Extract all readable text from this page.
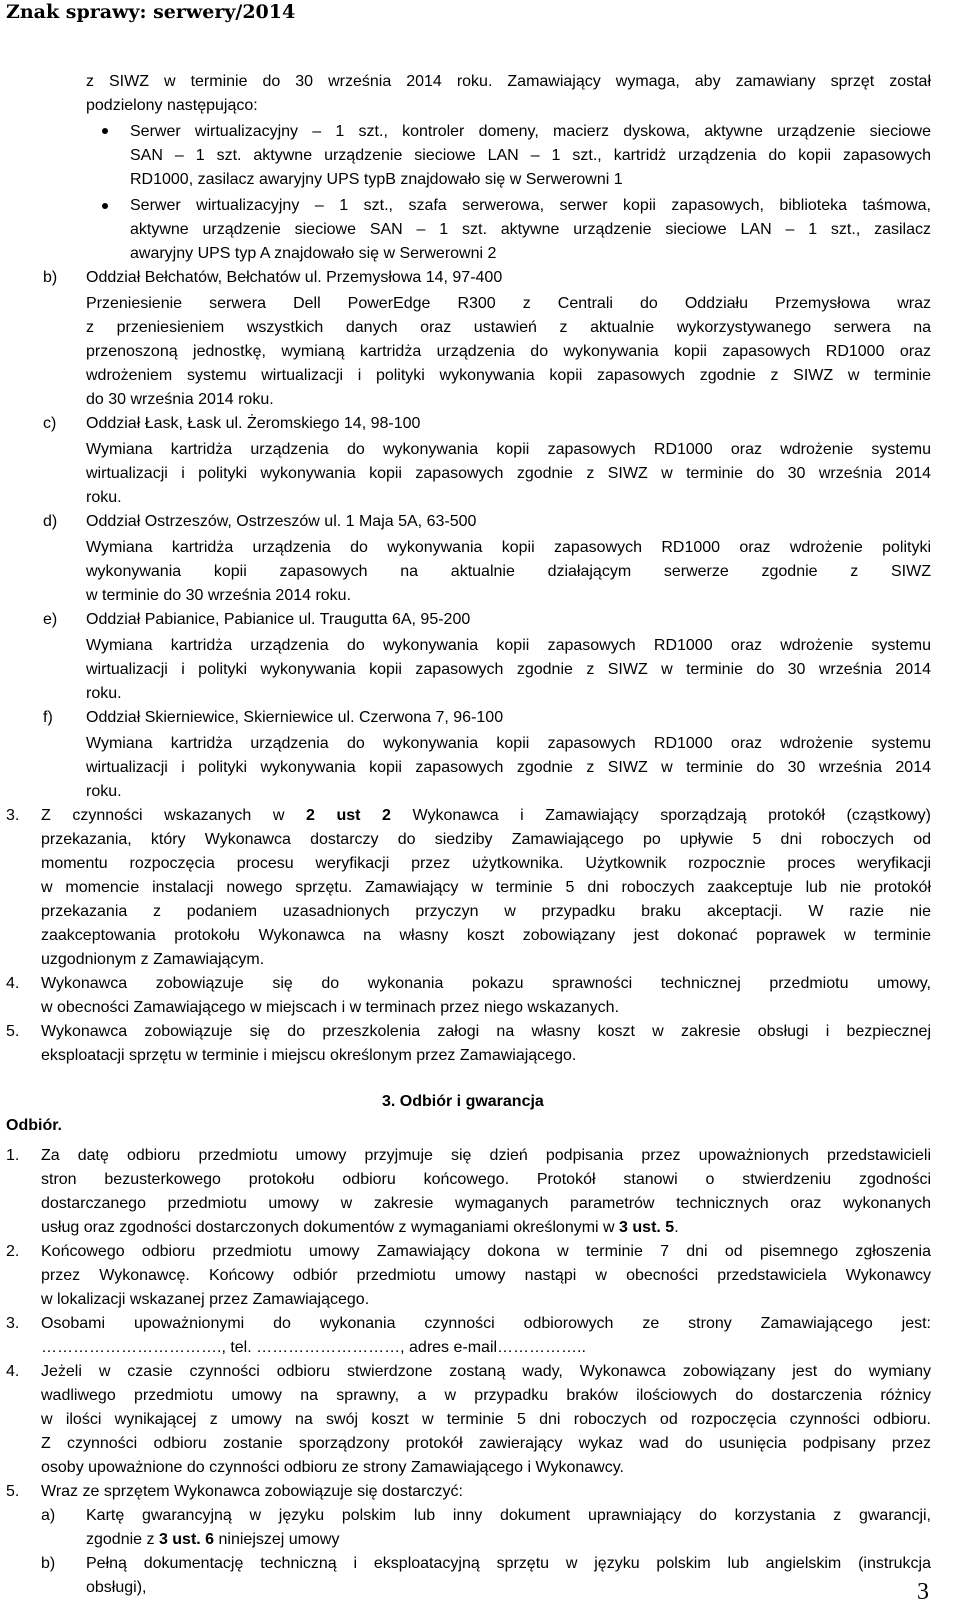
Znak sprawy: serwery/2014
z SIWZ w terminie do 30 września 2014 roku. Zamawiający wymaga, aby zamawiany sprzęt został
podzielony następująco:
Serwer wirtualizacyjny – 1 szt., kontroler domeny, macierz dyskowa, aktywne urządzenie sieciowe
SAN – 1 szt. aktywne urządzenie sieciowe LAN – 1 szt., kartridż urządzenia do kopii zapasowych
RD1000, zasilacz awaryjny UPS typB znajdowało się w Serwerowni 1
Serwer wirtualizacyjny – 1 szt., szafa serwerowa, serwer kopii zapasowych, biblioteka taśmowa,
aktywne urządzenie sieciowe SAN – 1 szt. aktywne urządzenie sieciowe LAN – 1 szt., zasilacz
awaryjny UPS typ A znajdowało się w Serwerowni 2
b) Oddział Bełchatów, Bełchatów ul. Przemysłowa 14, 97-400
Przeniesienie serwera Dell PowerEdge R300 z Centrali do Oddziału Przemysłowa wraz
z przeniesieniem wszystkich danych oraz ustawień z aktualnie wykorzystywanego serwera na
przenoszoną jednostkę, wymianą kartridża urządzenia do wykonywania kopii zapasowych RD1000 oraz
wdrożeniem systemu wirtualizacji i polityki wykonywania kopii zapasowych zgodnie z SIWZ w terminie
do 30 września 2014 roku.
c) Oddział Łask, Łask ul. Żeromskiego 14, 98-100
Wymiana kartridża urządzenia do wykonywania kopii zapasowych RD1000 oraz wdrożenie systemu
wirtualizacji i polityki wykonywania kopii zapasowych zgodnie z SIWZ w terminie do 30 września 2014
roku.
d) Oddział Ostrzeszów, Ostrzeszów ul. 1 Maja 5A, 63-500
Wymiana kartridża urządzenia do wykonywania kopii zapasowych RD1000 oraz wdrożenie polityki
wykonywania kopii zapasowych na aktualnie działającym serwerze zgodnie z SIWZ
w terminie do 30 września 2014 roku.
e) Oddział Pabianice, Pabianice ul. Traugutta 6A, 95-200
Wymiana kartridża urządzenia do wykonywania kopii zapasowych RD1000 oraz wdrożenie systemu
wirtualizacji i polityki wykonywania kopii zapasowych zgodnie z SIWZ w terminie do 30 września 2014
roku.
f) Oddział Skierniewice, Skierniewice ul. Czerwona 7, 96-100
Wymiana kartridża urządzenia do wykonywania kopii zapasowych RD1000 oraz wdrożenie systemu
wirtualizacji i polityki wykonywania kopii zapasowych zgodnie z SIWZ w terminie do 30 września 2014
roku.
3. Z czynności wskazanych w 2 ust 2 Wykonawca i Zamawiający sporządzają protokół (cząstkowy)
przekazania, który Wykonawca dostarczy do siedziby Zamawiającego po upływie 5 dni roboczych od
momentu rozpoczęcia procesu weryfikacji przez użytkownika. Użytkownik rozpocznie proces weryfikacji
w momencie instalacji nowego sprzętu. Zamawiający w terminie 5 dni roboczych zaakceptuje lub nie protokół
przekazania z podaniem uzasadnionych przyczyn w przypadku braku akceptacji. W razie nie
zaakceptowania protokołu Wykonawca na własny koszt zobowiązany jest dokonać poprawek w terminie
uzgodnionym z Zamawiającym.
4. Wykonawca zobowiązuje się do wykonania pokazu sprawności technicznej przedmiotu umowy,
w obecności Zamawiającego w miejscach i w terminach przez niego wskazanych.
5. Wykonawca zobowiązuje się do przeszkolenia załogi na własny koszt w zakresie obsługi i bezpiecznej
eksploatacji sprzętu w terminie i miejscu określonym przez Zamawiającego.
3. Odbiór i gwarancja
Odbiór.
1. Za datę odbioru przedmiotu umowy przyjmuje się dzień podpisania przez upoważnionych przedstawicieli
stron bezusterkowego protokołu odbioru końcowego. Protokół stanowi o stwierdzeniu zgodności
dostarczanego przedmiotu umowy w zakresie wymaganych parametrów technicznych oraz wykonanych
usług oraz zgodności dostarczonych dokumentów z wymaganiami określonymi w 3 ust. 5.
2. Końcowego odbioru przedmiotu umowy Zamawiający dokona w terminie 7 dni od pisemnego zgłoszenia
przez Wykonawcę. Końcowy odbiór przedmiotu umowy nastąpi w obecności przedstawiciela Wykonawcy
w lokalizacji wskazanej przez Zamawiającego.
3. Osobami upoważnionymi do wykonania czynności odbiorowych ze strony Zamawiającego jest:
……………………………., tel. ………………………, adres e-mail……………..
4. Jeżeli w czasie czynności odbioru stwierdzone zostaną wady, Wykonawca zobowiązany jest do wymiany
wadliwego przedmiotu umowy na sprawny, a w przypadku braków ilościowych do dostarczenia różnicy
w ilości wynikającej z umowy na swój koszt w terminie 5 dni roboczych od rozpoczęcia czynności odbioru.
Z czynności odbioru zostanie sporządzony protokół zawierający wykaz wad do usunięcia podpisany przez
osoby upoważnione do czynności odbioru ze strony Zamawiającego i Wykonawcy.
5. Wraz ze sprzętem Wykonawca zobowiązuje się dostarczyć:
a) Kartę gwarancyjną w języku polskim lub inny dokument uprawniający do korzystania z gwarancji,
zgodnie z 3 ust. 6 niniejszej umowy
b) Pełną dokumentację techniczną i eksploatacyjną sprzętu w języku polskim lub angielskim (instrukcja
obsługi),	3
